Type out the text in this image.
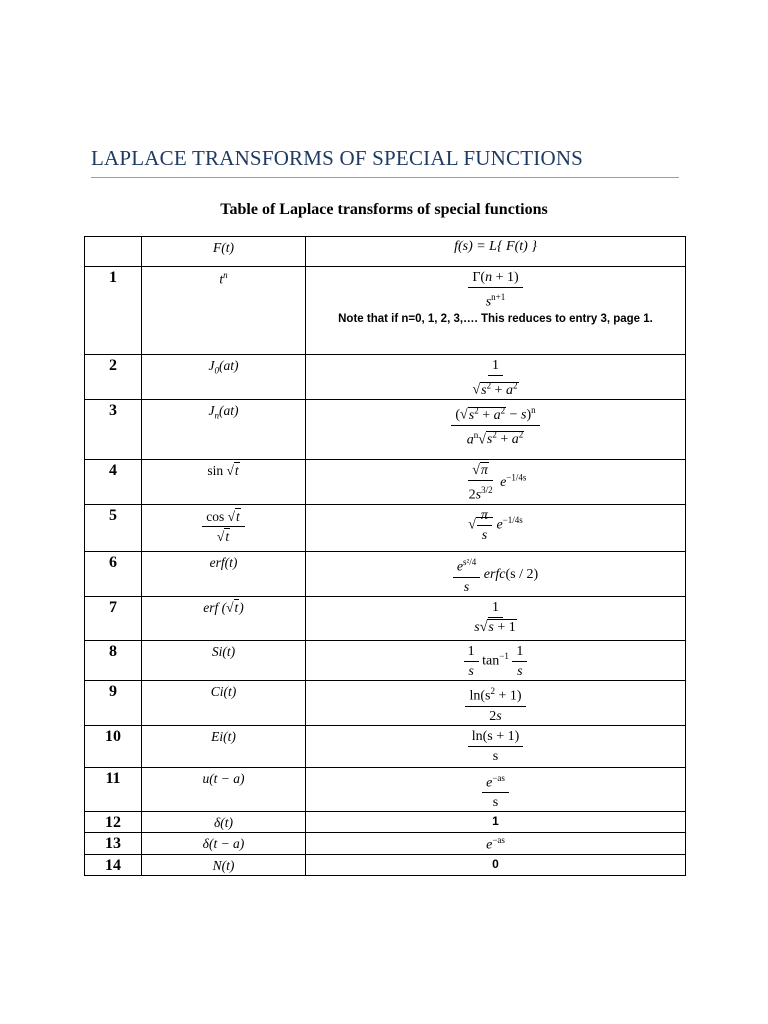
LAPLACE TRANSFORMS OF SPECIAL FUNCTIONS
Table of Laplace transforms of special functions
	F(t)	f(s) = L{ F(t) }
1	$t^n$	$\frac{\Gamma(n + 1)}{s^{n+1}}$
Note that if n=0, 1, 2, 3,…. This reduces to entry 3, page 1.

2	$J_0(at)$	$\frac{1}{√s^2 + a^2}$

3	$J_n(at)$	$\frac{(√s^2 + a^2 - s)^n}{a^n√s^2 + a^2}$

4	sin √t	$\frac{√\pi}{2s^{3/2}} e^{-1/4s}$
5	$\frac{\cos √t}{√t}$	√ $\frac{\pi}{s} e^{-1/4s}$
6	erf(t)	$\frac{e^{s^2/4}}{s}$ erfc(s / 2)
7	erf (√t)	$\frac{1}{s√s + 1}$

8	Si(t)	$\frac{1}{s} \tan^{-1} \frac{1}{s}$

9	Ci(t)	$\frac{\ln(s^2 + 1)}{2s}$

10	Ei(t)	$\frac{\ln(s + 1)}{s}$

11	u(t − a)	$\frac{e^{-as}}{s}$

12	δ(t)	1
13	δ(t − a)	$e^{-as}$
14	N(t)	0
